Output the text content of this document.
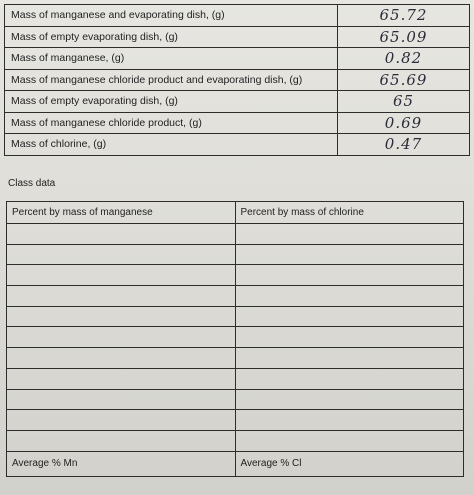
Mass of manganese and evaporating dish, (g)	65.72
Mass of empty evaporating dish, (g)	65.09
Mass of manganese, (g)	0.82
Mass of manganese chloride product and evaporating dish, (g)	65.69
Mass of empty evaporating dish, (g)	65
Mass of manganese chloride product, (g)	0.69
Mass of chlorine, (g)	0.47
Class data
Percent by mass of manganese	Percent by mass of chlorine

Average % Mn	Average % Cl
